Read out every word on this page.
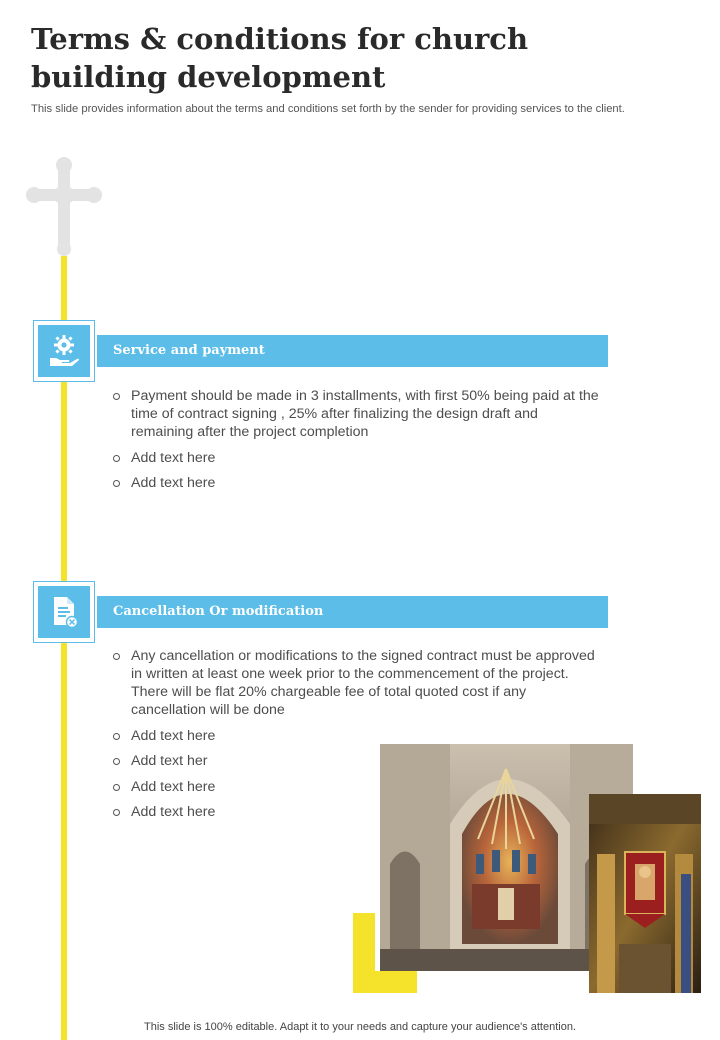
Terms & conditions for church building development
This slide provides information about the terms and conditions set forth by the sender for providing services to the client.
Service and payment
Payment should be made in 3 installments, with first 50% being paid at the time of contract signing , 25% after finalizing the design draft and remaining after the project completion
Add text here
Add text here
Cancellation Or modification
Any cancellation or modifications to the signed contract must be approved in written at least one week prior to the commencement of the project. There will be flat 20% chargeable fee of total quoted cost if any cancellation will be done
Add text here
Add text her
Add text here
Add text here
This slide is 100% editable. Adapt it to your needs and capture your audience's attention.
